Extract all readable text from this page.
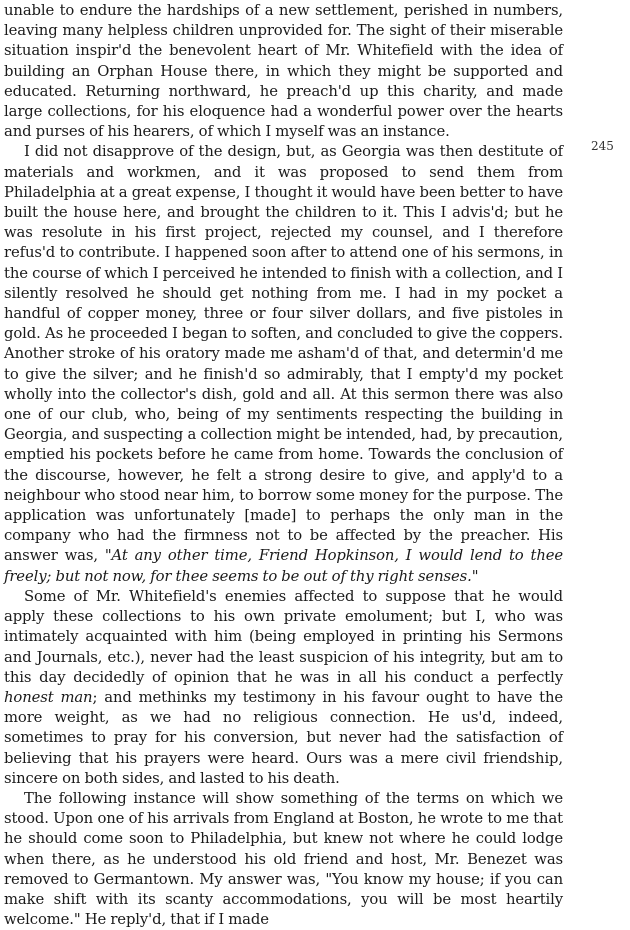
unable to endure the hardships of a new settlement, perished in numbers, leaving many helpless children unprovided for. The sight of their miserable situation inspir'd the benevolent heart of Mr. Whitefield with the idea of building an Orphan House there, in which they might be supported and educated. Returning northward, he preach'd up this charity, and made large collections, for his eloquence had a wonderful power over the hearts and purses of his hearers, of which I myself was an instance.

I did not disapprove of the design, but, as Georgia was then destitute of materials and workmen, and it was proposed to send them from Philadelphia at a great expense, I thought it would have been better to have built the house here, and brought the children to it. This I advis'd; but he was resolute in his first project, rejected my counsel, and I therefore refus'd to contribute. I happened soon after to attend one of his sermons, in the course of which I perceived he intended to finish with a collection, and I silently resolved he should get nothing from me. I had in my pocket a handful of copper money, three or four silver dollars, and five pistoles in gold. As he proceeded I began to soften, and concluded to give the coppers. Another stroke of his oratory made me asham'd of that, and determin'd me to give the silver; and he finish'd so admirably, that I empty'd my pocket wholly into the collector's dish, gold and all. At this sermon there was also one of our club, who, being of my sentiments respecting the building in Georgia, and suspecting a collection might be intended, had, by precaution, emptied his pockets before he came from home. Towards the conclusion of the discourse, however, he felt a strong desire to give, and apply'd to a neighbour who stood near him, to borrow some money for the purpose. The application was unfortunately [made] to perhaps the only man in the company who had the firmness not to be affected by the preacher. His answer was, "At any other time, Friend Hopkinson, I would lend to thee freely; but not now, for thee seems to be out of thy right senses."

Some of Mr. Whitefield's enemies affected to suppose that he would apply these collections to his own private emolument; but I, who was intimately acquainted with him (being employed in printing his Sermons and Journals, etc.), never had the least suspicion of his integrity, but am to this day decidedly of opinion that he was in all his conduct a perfectly honest man; and methinks my testimony in his favour ought to have the more weight, as we had no religious connection. He us'd, indeed, sometimes to pray for his conversion, but never had the satisfaction of believing that his prayers were heard. Ours was a mere civil friendship, sincere on both sides, and lasted to his death.

The following instance will show something of the terms on which we stood. Upon one of his arrivals from England at Boston, he wrote to me that he should come soon to Philadelphia, but knew not where he could lodge when there, as he understood his old friend and host, Mr. Benezet was removed to Germantown. My answer was, "You know my house; if you can make shift with its scanty accommodations, you will be most heartily welcome." He reply'd, that if I made

245
